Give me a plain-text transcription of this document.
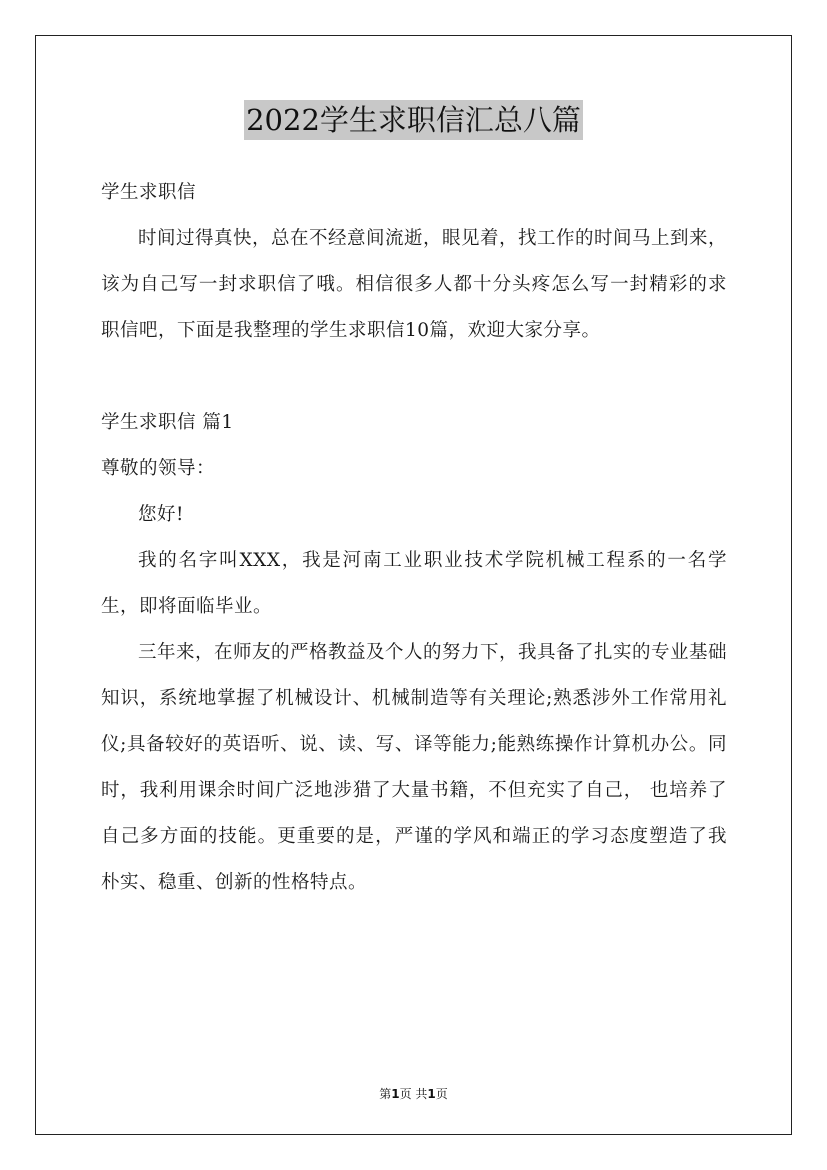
2022学生求职信汇总八篇

学生求职信

时间过得真快，总在不经意间流逝，眼见着，找工作的时间马上到来，该为自己写一封求职信了哦。相信很多人都十分头疼怎么写一封精彩的求职信吧，下面是我整理的学生求职信10篇，欢迎大家分享。

学生求职信 篇1

尊敬的领导：

您好!

我的名字叫XXX，我是河南工业职业技术学院机械工程系的一名学生，即将面临毕业。

三年来，在师友的严格教益及个人的努力下，我具备了扎实的专业基础知识，系统地掌握了机械设计、机械制造等有关理论;熟悉涉外工作常用礼仪;具备较好的英语听、说、读、写、译等能力;能熟练操作计算机办公。同时，我利用课余时间广泛地涉猎了大量书籍，不但充实了自己， 也培养了自己多方面的技能。更重要的是，严谨的学风和端正的学习态度塑造了我朴实、稳重、创新的性格特点。

第1页 共1页
